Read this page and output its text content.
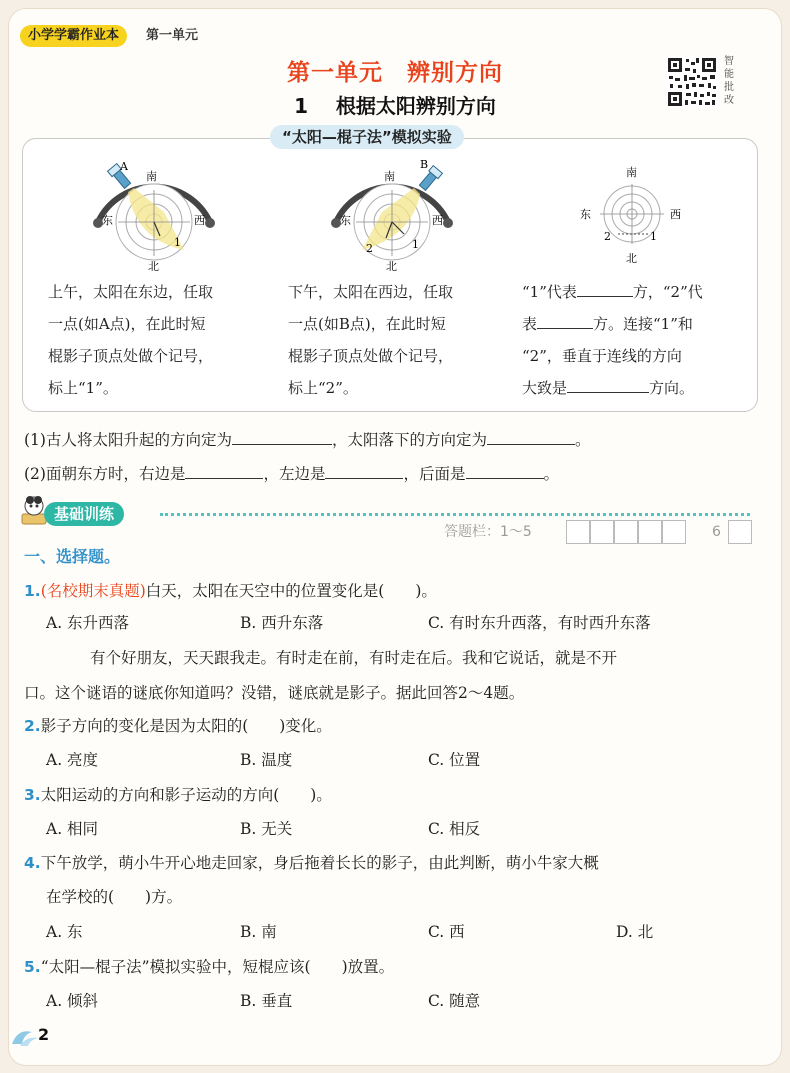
小学学霸作业本	第一单元
第一单元　辨别方向
1 根据太阳辨别方向
智能批改
“太阳—棍子法”模拟实验
A
南
东	西
北
1
B
南
东	西
北
2	1
南
东	西
北
2	1
上午，太阳在东边，任取
一点(如A点)，在此时短
棍影子顶点处做个记号，
标上“1”。
下午，太阳在西边，任取
一点(如B点)，在此时短
棍影子顶点处做个记号，
标上“2”。
“1”代表	方，“2”代
表	方。连接“1”和
“2”，垂直于连线的方向
大致是	方向。
(1)古人将太阳升起的方向定为	，太阳落下的方向定为	。
(2)面朝东方时，右边是	，左边是	，后面是	。
基础训练
答题栏：1～5	6
一、选择题。
1.(名校期末真题)白天，太阳在天空中的位置变化是(　　)。
A. 东升西落	B. 西升东落	C. 有时东升西落，有时西升东落
有个好朋友，天天跟我走。有时走在前，有时走在后。我和它说话，就是不开
口。这个谜语的谜底你知道吗？没错，谜底就是影子。据此回答2～4题。
2.影子方向的变化是因为太阳的(　　)变化。
A. 亮度	B. 温度	C. 位置
3.太阳运动的方向和影子运动的方向(　　)。
A. 相同	B. 无关	C. 相反
4.下午放学，萌小牛开心地走回家，身后拖着长长的影子，由此判断，萌小牛家大概
在学校的(　　)方。
A. 东	B. 南	C. 西	D. 北
5.“太阳—棍子法”模拟实验中，短棍应该(　　)放置。
A. 倾斜	B. 垂直	C. 随意
2
